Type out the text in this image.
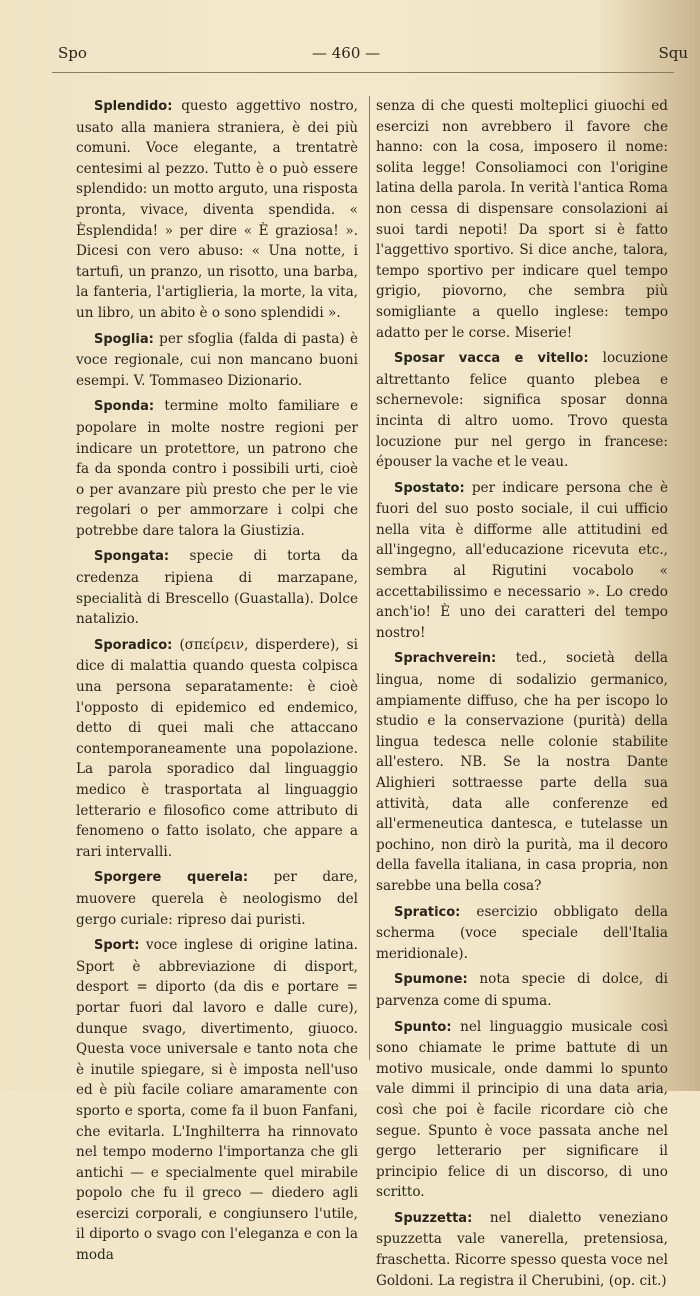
Spo	— 460 —	Squ

Splendido: questo aggettivo nostro, usato alla maniera straniera, è dei più comuni. Voce elegante, a trentatrè centesimi al pezzo. Tutto è o può essere splendido: un motto arguto, una risposta pronta, vivace, diventa spendida. « Èsplendida! » per dire « È graziosa! ». Dicesi con vero abuso: « Una notte, i tartufi, un pranzo, un risotto, una barba, la fanteria, l'artiglieria, la morte, la vita, un libro, un abito è o sono splendidi ».

Spoglia: per sfoglia (falda di pasta) è voce regionale, cui non mancano buoni esempi. V. Tommaseo Dizionario.

Sponda: termine molto familiare e popolare in molte nostre regioni per indicare un protettore, un patrono che fa da sponda contro i possibili urti, cioè o per avanzare più presto che per le vie regolari o per ammorzare i colpi che potrebbe dare talora la Giustizia.

Spongata: specie di torta da credenza ripiena di marzapane, specialità di Brescello (Guastalla). Dolce natalizio.

Sporadico: (σπείρειν, disperdere), si dice di malattia quando questa colpisca una persona separatamente: è cioè l'opposto di epidemico ed endemico, detto di quei mali che attaccano contemporaneamente una popolazione. La parola sporadico dal linguaggio medico è trasportata al linguaggio letterario e filosofico come attributo di fenomeno o fatto isolato, che appare a rari intervalli.

Sporgere querela: per dare, muovere querela è neologismo del gergo curiale: ripreso dai puristi.

Sport: voce inglese di origine latina. Sport è abbreviazione di disport, desport = diporto (da dis e portare = portar fuori dal lavoro e dalle cure), dunque svago, divertimento, giuoco. Questa voce universale e tanto nota che è inutile spiegare, si è imposta nell'uso ed è più facile coliare amaramente con sporto e sporta, come fa il buon Fanfani, che evitarla. L'Inghilterra ha rinnovato nel tempo moderno l'importanza che gli antichi — e specialmente quel mirabile popolo che fu il greco — diedero agli esercizi corporali, e congiunsero l'utile, il diporto o svago con l'eleganza e con la moda

senza di che questi molteplici giuochi ed esercizi non avrebbero il favore che hanno: con la cosa, imposero il nome: solita legge! Consoliamoci con l'origine latina della parola. In verità l'antica Roma non cessa di dispensare consolazioni ai suoi tardi nepoti! Da sport si è fatto l'aggettivo sportivo. Si dice anche, talora, tempo sportivo per indicare quel tempo grigio, piovorno, che sembra più somigliante a quello inglese: tempo adatto per le corse. Miserie!

Sposar vacca e vitello: locuzione altrettanto felice quanto plebea e schernevole: significa sposar donna incinta di altro uomo. Trovo questa locuzione pur nel gergo in francese: épouser la vache et le veau.

Spostato: per indicare persona che è fuori del suo posto sociale, il cui ufficio nella vita è difforme alle attitudini ed all'ingegno, all'educazione ricevuta etc., sembra al Rigutini vocabolo « accettabilissimo e necessario ». Lo credo anch'io! È uno dei caratteri del tempo nostro!

Sprachverein: ted., società della lingua, nome di sodalizio germanico, ampiamente diffuso, che ha per iscopo lo studio e la conservazione (purità) della lingua tedesca nelle colonie stabilite all'estero. NB. Se la nostra Dante Alighieri sottraesse parte della sua attività, data alle conferenze ed all'ermeneutica dantesca, e tutelasse un pochino, non dirò la purità, ma il decoro della favella italiana, in casa propria, non sarebbe una bella cosa?

Spratico: esercizio obbligato della scherma (voce speciale dell'Italia meridionale).

Spumone: nota specie di dolce, di parvenza come di spuma.

Spunto: nel linguaggio musicale così sono chiamate le prime battute di un motivo musicale, onde dammi lo spunto vale dimmi il principio di una data aria, così che poi è facile ricordare ciò che segue. Spunto è voce passata anche nel gergo letterario per significare il principio felice di un discorso, di uno scritto.

Spuzzetta: nel dialetto veneziano spuzzetta vale vanerella, pretensiosa, fraschetta. Ricorre spesso questa voce nel Goldoni. La registra il Cherubini, (op. cit.)
